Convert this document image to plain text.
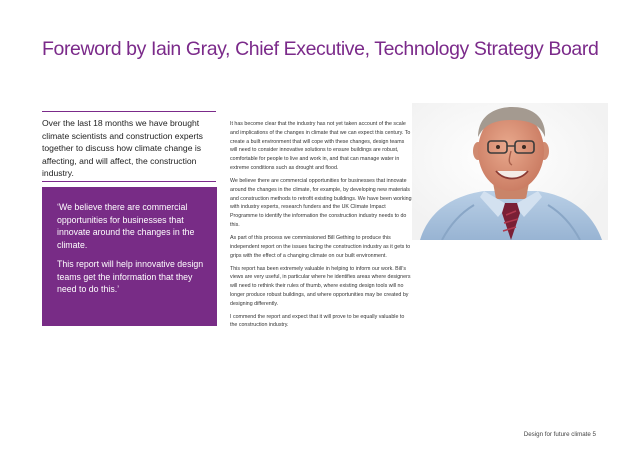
Foreword by Iain Gray, Chief Executive, Technology Strategy Board
Over the last 18 months we have brought climate scientists and construction experts together to discuss how climate change is affecting, and will affect, the construction industry.

‘We believe there are commercial opportunities for businesses that innovate around the changes in the climate.

This report will help innovative design teams get the information that they need to do this.’

It has become clear that the industry has not yet taken account of the scale and implications of the changes in climate that we can expect this century. To create a built environment that will cope with these changes, design teams will need to consider innovative solutions to ensure buildings are robust, comfortable for people to live and work in, and that can manage water in extreme conditions such as drought and flood.

We believe there are commercial opportunities for businesses that innovate around the changes in the climate, for example, by developing new materials and construction methods to retrofit existing buildings. We have been working with industry experts, research funders and the UK Climate Impact Programme to identify the information the construction industry needs to do this.

As part of this process we commissioned Bill Gething to produce this independent report on the issues facing the construction industry as it gets to grips with the effect of a changing climate on our built environment.

This report has been extremely valuable in helping to inform our work. Bill’s views are very useful, in particular where he identifies areas where designers will need to rethink their rules of thumb, where existing design tools will no longer produce robust buildings, and where opportunities may be created by designing differently.

I commend the report and expect that it will prove to be equally valuable to the construction industry.

Design for future climate 5
